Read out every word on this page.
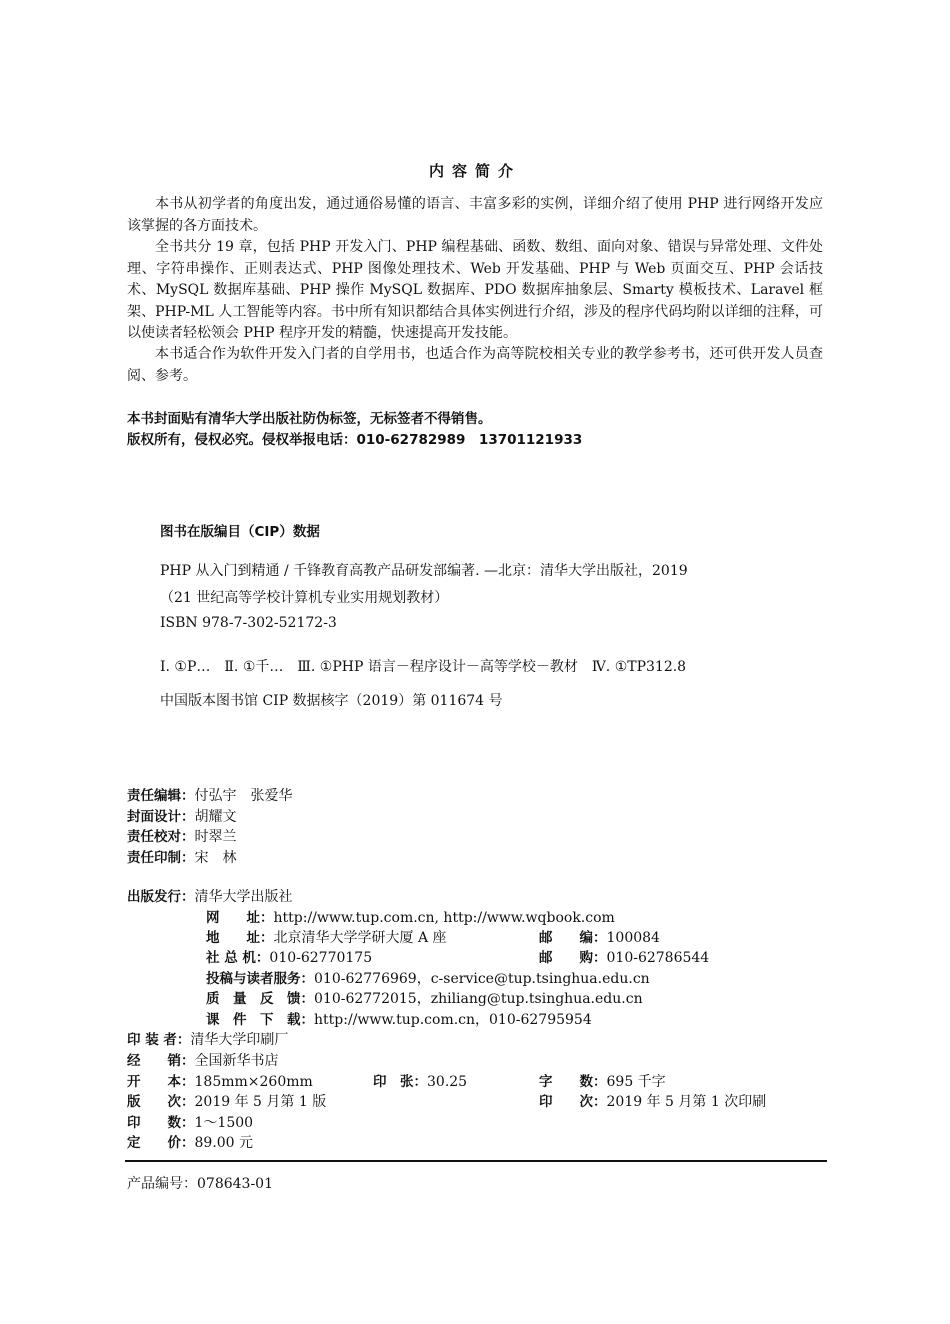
内容简介
本书从初学者的角度出发，通过通俗易懂的语言、丰富多彩的实例，详细介绍了使用 PHP 进行网络开发应该掌握的各方面技术。
全书共分 19 章，包括 PHP 开发入门、PHP 编程基础、函数、数组、面向对象、错误与异常处理、文件处理、字符串操作、正则表达式、PHP 图像处理技术、Web 开发基础、PHP 与 Web 页面交互、PHP 会话技术、MySQL 数据库基础、PHP 操作 MySQL 数据库、PDO 数据库抽象层、Smarty 模板技术、Laravel 框架、PHP-ML 人工智能等内容。书中所有知识都结合具体实例进行介绍，涉及的程序代码均附以详细的注释，可以使读者轻松领会 PHP 程序开发的精髓，快速提高开发技能。
本书适合作为软件开发入门者的自学用书，也适合作为高等院校相关专业的教学参考书，还可供开发人员查阅、参考。
本书封面贴有清华大学出版社防伪标签，无标签者不得销售。
版权所有，侵权必究。侵权举报电话：010-62782989　13701121933
图书在版编目（CIP）数据
PHP 从入门到精通 / 千锋教育高教产品研发部编著. —北京：清华大学出版社，2019
（21 世纪高等学校计算机专业实用规划教材）
ISBN 978-7-302-52172-3
Ⅰ. ①P…　Ⅱ. ①千…　Ⅲ. ①PHP 语言－程序设计－高等学校－教材　Ⅳ. ①TP312.8
中国版本图书馆 CIP 数据核字（2019）第 011674 号
责任编辑：付弘宇　张爱华
封面设计：胡耀文
责任校对：时翠兰
责任印制：宋　林
出版发行：清华大学出版社
网　　址：http://www.tup.com.cn, http://www.wqbook.com
地　　址：北京清华大学学研大厦 A 座	邮　　编：100084
社 总 机：010-62770175	邮　　购：010-62786544
投稿与读者服务：010-62776969，c-service@tup.tsinghua.edu.cn
质　量　反　馈：010-62772015，zhiliang@tup.tsinghua.edu.cn
课　件　下　载：http://www.tup.com.cn，010-62795954
印 装 者：清华大学印刷厂
经　　销：全国新华书店
开　　本：185mm×260mm	印　张：30.25	字　　数：695 千字
版　　次：2019 年 5 月第 1 版	印　　次：2019 年 5 月第 1 次印刷
印　　数：1～1500
定　　价：89.00 元
产品编号：078643-01
